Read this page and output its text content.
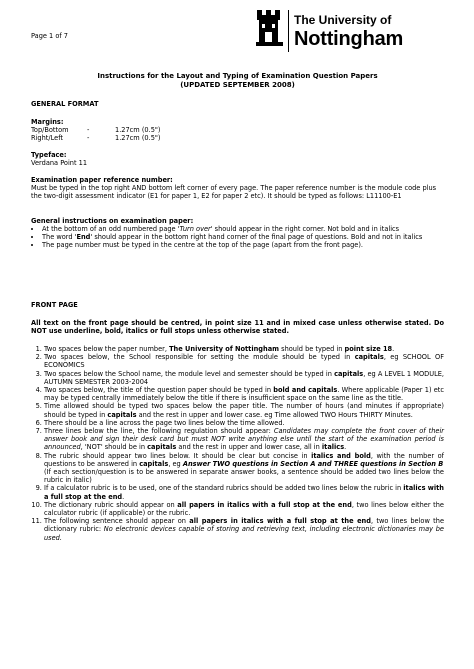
Page 1 of 7
The University of
Nottingham
Instructions for the Layout and Typing of Examination Question Papers
(UPDATED SEPTEMBER 2008)
GENERAL FORMAT
Margins:
Top/Bottom	-	1.27cm (0.5")
Right/Left	-	1.27cm (0.5")
Typeface:
Verdana Point 11
Examination paper reference number:
Must be typed in the top right AND bottom left corner of every page. The paper reference number is the module code plus the two-digit assessment indicator (E1 for paper 1, E2 for paper 2 etc). It should be typed as follows: L11100-E1
General instructions on examination paper:
• At the bottom of an odd numbered page 'Turn over' should appear in the right corner. Not bold and in italics
• The word 'End' should appear in the bottom right hand corner of the final page of questions. Bold and not in italics
• The page number must be typed in the centre at the top of the page (apart from the front page).
FRONT PAGE
All text on the front page should be centred, in point size 11 and in mixed case unless otherwise stated. Do NOT use underline, bold, italics or full stops unless otherwise stated.
1. Two spaces below the paper number, The University of Nottingham should be typed in point size 18.
2. Two spaces below, the School responsible for setting the module should be typed in capitals, eg SCHOOL OF ECONOMICS
3. Two spaces below the School name, the module level and semester should be typed in capitals, eg A LEVEL 1 MODULE, AUTUMN SEMESTER 2003-2004
4. Two spaces below, the title of the question paper should be typed in bold and capitals. Where applicable (Paper 1) etc may be typed centrally immediately below the title if there is insufficient space on the same line as the title.
5. Time allowed should be typed two spaces below the paper title. The number of hours (and minutes if appropriate) should be typed in capitals and the rest in upper and lower case. eg Time allowed TWO Hours THIRTY Minutes.
6. There should be a line across the page two lines below the time allowed.
7. Three lines below the line, the following regulation should appear: Candidates may complete the front cover of their answer book and sign their desk card but must NOT write anything else until the start of the examination period is announced, 'NOT' should be in capitals and the rest in upper and lower case, all in italics.
8. The rubric should appear two lines below. It should be clear but concise in italics and bold, with the number of questions to be answered in capitals, eg Answer TWO questions in Section A and THREE questions in Section B
(If each section/question is to be answered in separate answer books, a sentence should be added two lines below the rubric in italic)
9. If a calculator rubric is to be used, one of the standard rubrics should be added two lines below the rubric in italics with a full stop at the end.
10. The dictionary rubric should appear on all papers in italics with a full stop at the end, two lines below either the calculator rubric (if applicable) or the rubric.
11. The following sentence should appear on all papers in italics with a full stop at the end, two lines below the dictionary rubric: No electronic devices capable of storing and retrieving text, including electronic dictionaries may be used.
